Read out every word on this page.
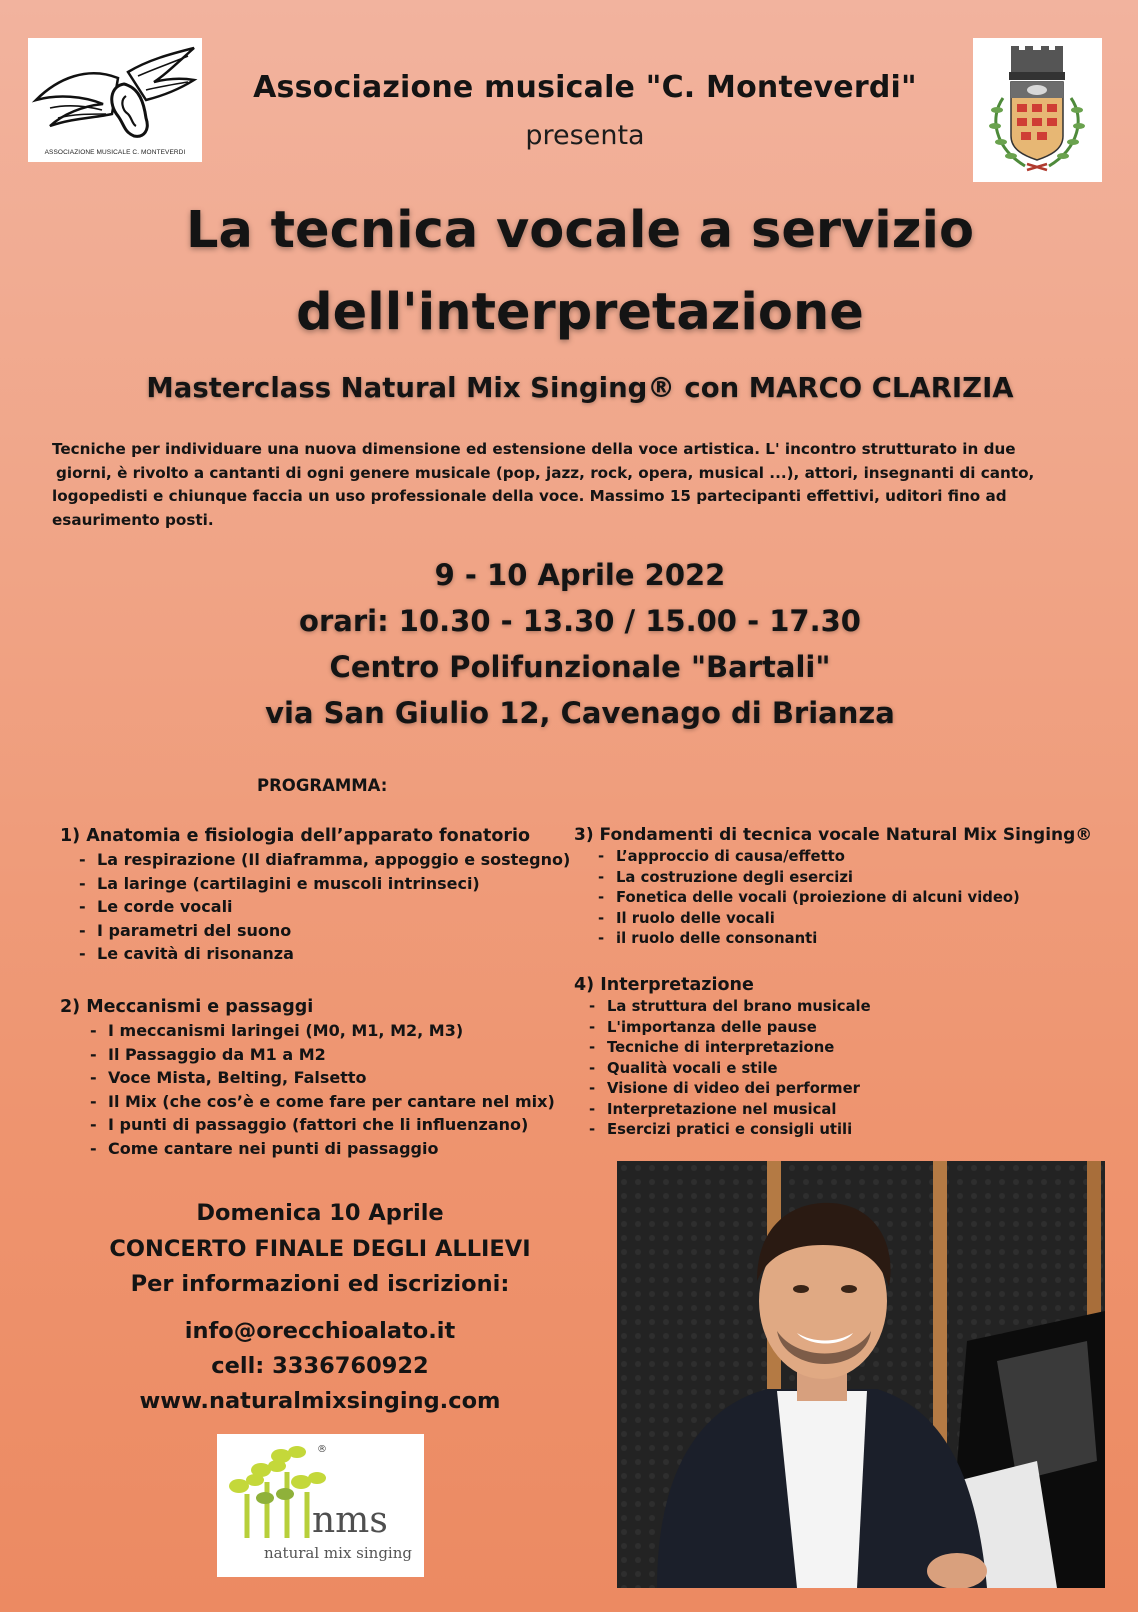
ASSOCIAZIONE MUSICALE C. MONTEVERDI
Associazione musicale "C. Monteverdi"
presenta
La tecnica vocale a servizio
dell'interpretazione
Masterclass Natural Mix Singing® con MARCO CLARIZIA
Tecniche per individuare una nuova dimensione ed estensione della voce artistica. L' incontro strutturato in due
giorni, è rivolto a cantanti di ogni genere musicale (pop, jazz, rock, opera, musical ...), attori, insegnanti di canto,
logopedisti e chiunque faccia un uso professionale della voce. Massimo 15 partecipanti effettivi, uditori fino ad
esaurimento posti.
9 - 10 Aprile 2022
orari: 10.30 - 13.30 / 15.00 - 17.30
Centro Polifunzionale "Bartali"
via San Giulio 12, Cavenago di Brianza
PROGRAMMA:
1) Anatomia e fisiologia dell’apparato fonatorio
- La respirazione (Il diaframma, appoggio e sostegno)
- La laringe (cartilagini e muscoli intrinseci)
- Le corde vocali
- I parametri del suono
- Le cavità di risonanza
2) Meccanismi e passaggi
- I meccanismi laringei (M0, M1, M2, M3)
- Il Passaggio da M1 a M2
- Voce Mista, Belting, Falsetto
- Il Mix (che cos’è e come fare per cantare nel mix)
- I punti di passaggio (fattori che li influenzano)
- Come cantare nei punti di passaggio
3) Fondamenti di tecnica vocale Natural Mix Singing®
- L’approccio di causa/effetto
- La costruzione degli esercizi
- Fonetica delle vocali (proiezione di alcuni video)
- Il ruolo delle vocali
- il ruolo delle consonanti
4) Interpretazione
- La struttura del brano musicale
- L'importanza delle pause
- Tecniche di interpretazione
- Qualità vocali e stile
- Visione di video dei performer
- Interpretazione nel musical
- Esercizi pratici e consigli utili
Domenica 10 Aprile
CONCERTO FINALE DEGLI ALLIEVI
Per informazioni ed iscrizioni:
info@orecchioalato.it
cell: 3336760922
www.naturalmixsinging.com
®
nms
natural mix singing
